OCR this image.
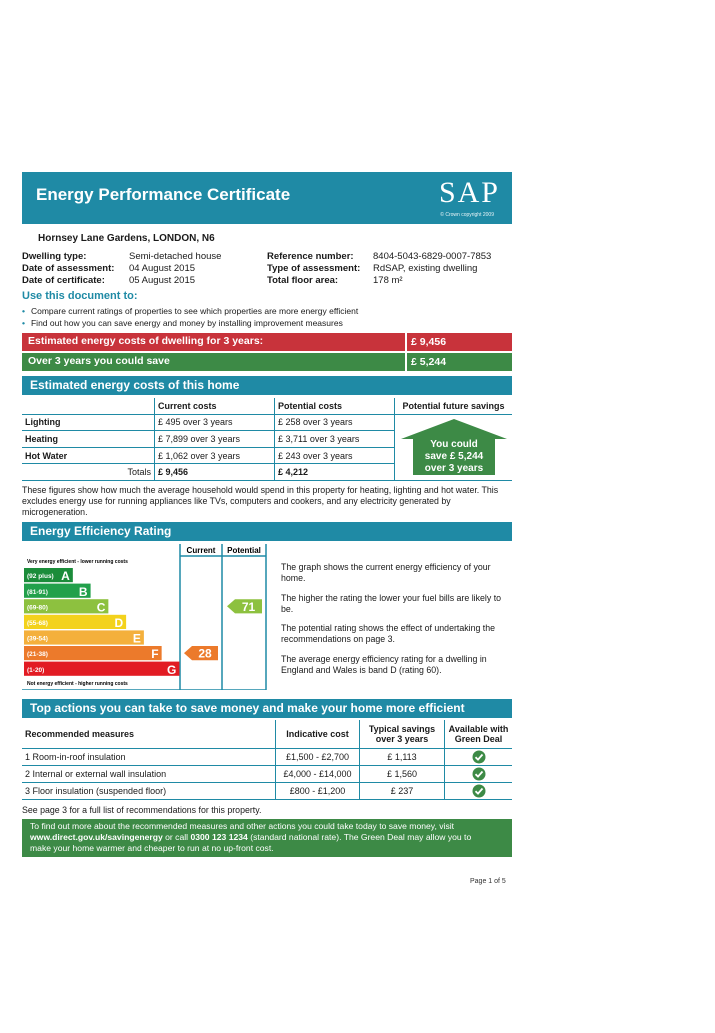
Energy Performance Certificate	SAP
© Crown copyright 2009
Hornsey Lane Gardens, LONDON, N6
Dwelling type:	Semi-detached house
Date of assessment: 04 August 2015
Date of certificate:	05 August 2015
Reference number: 8404-5043-6829-0007-7853
Type of assessment: RdSAP, existing dwelling
Total floor area:	178 m²
Use this document to:
• Compare current ratings of properties to see which properties are more energy efficient
• Find out how you can save energy and money by installing improvement measures
Estimated energy costs of dwelling for 3 years:	£ 9,456
Over 3 years you could save	£ 5,244
Estimated energy costs of this home
	Current costs	Potential costs	Potential future savings
Lighting	£ 495 over 3 years	£ 258 over 3 years	You could
save £ 5,244
over 3 years

Heating	£ 7,899 over 3 years	£ 3,711 over 3 years	
Hot Water	£ 1,062 over 3 years	£ 243 over 3 years	
Totals	£ 9,456	£ 4,212	
These figures show how much the average household would spend in this property for heating, lighting and hot water. This excludes energy use for running appliances like TVs, computers and cookers, and any electricity generated by microgeneration.
Energy Efficiency Rating
Current Potential
Very energy efficient - lower running costs
Not energy efficient - higher running costs
(92 plus) A
(81-91)	B
(69-80)	C
(55-68)	D
(39-54)	E
(21-38)	F
(1-20)	G
28
71
The graph shows the current energy efficiency of your home.
The higher the rating the lower your fuel bills are likely to be.
The potential rating shows the effect of undertaking the recommendations on page 3.
The average energy efficiency rating for a dwelling in England and Wales is band D (rating 60).
Top actions you can take to save money and make your home more efficient
Recommended measures	Indicative cost	Typical savings over 3 years	Available with Green Deal
1 Room-in-roof insulation	£1,500 - £2,700	£ 1,113	
2 Internal or external wall insulation	£4,000 - £14,000	£ 1,560	
3 Floor insulation (suspended floor)	£800 - £1,200	£ 237	
See page 3 for a full list of recommendations for this property.
To find out more about the recommended measures and other actions you could take today to save money, visit
www.direct.gov.uk/savingenergy or call 0300 123 1234 (standard national rate). The Green Deal may allow you to
make your home warmer and cheaper to run at no up-front cost.
Page 1 of 5
